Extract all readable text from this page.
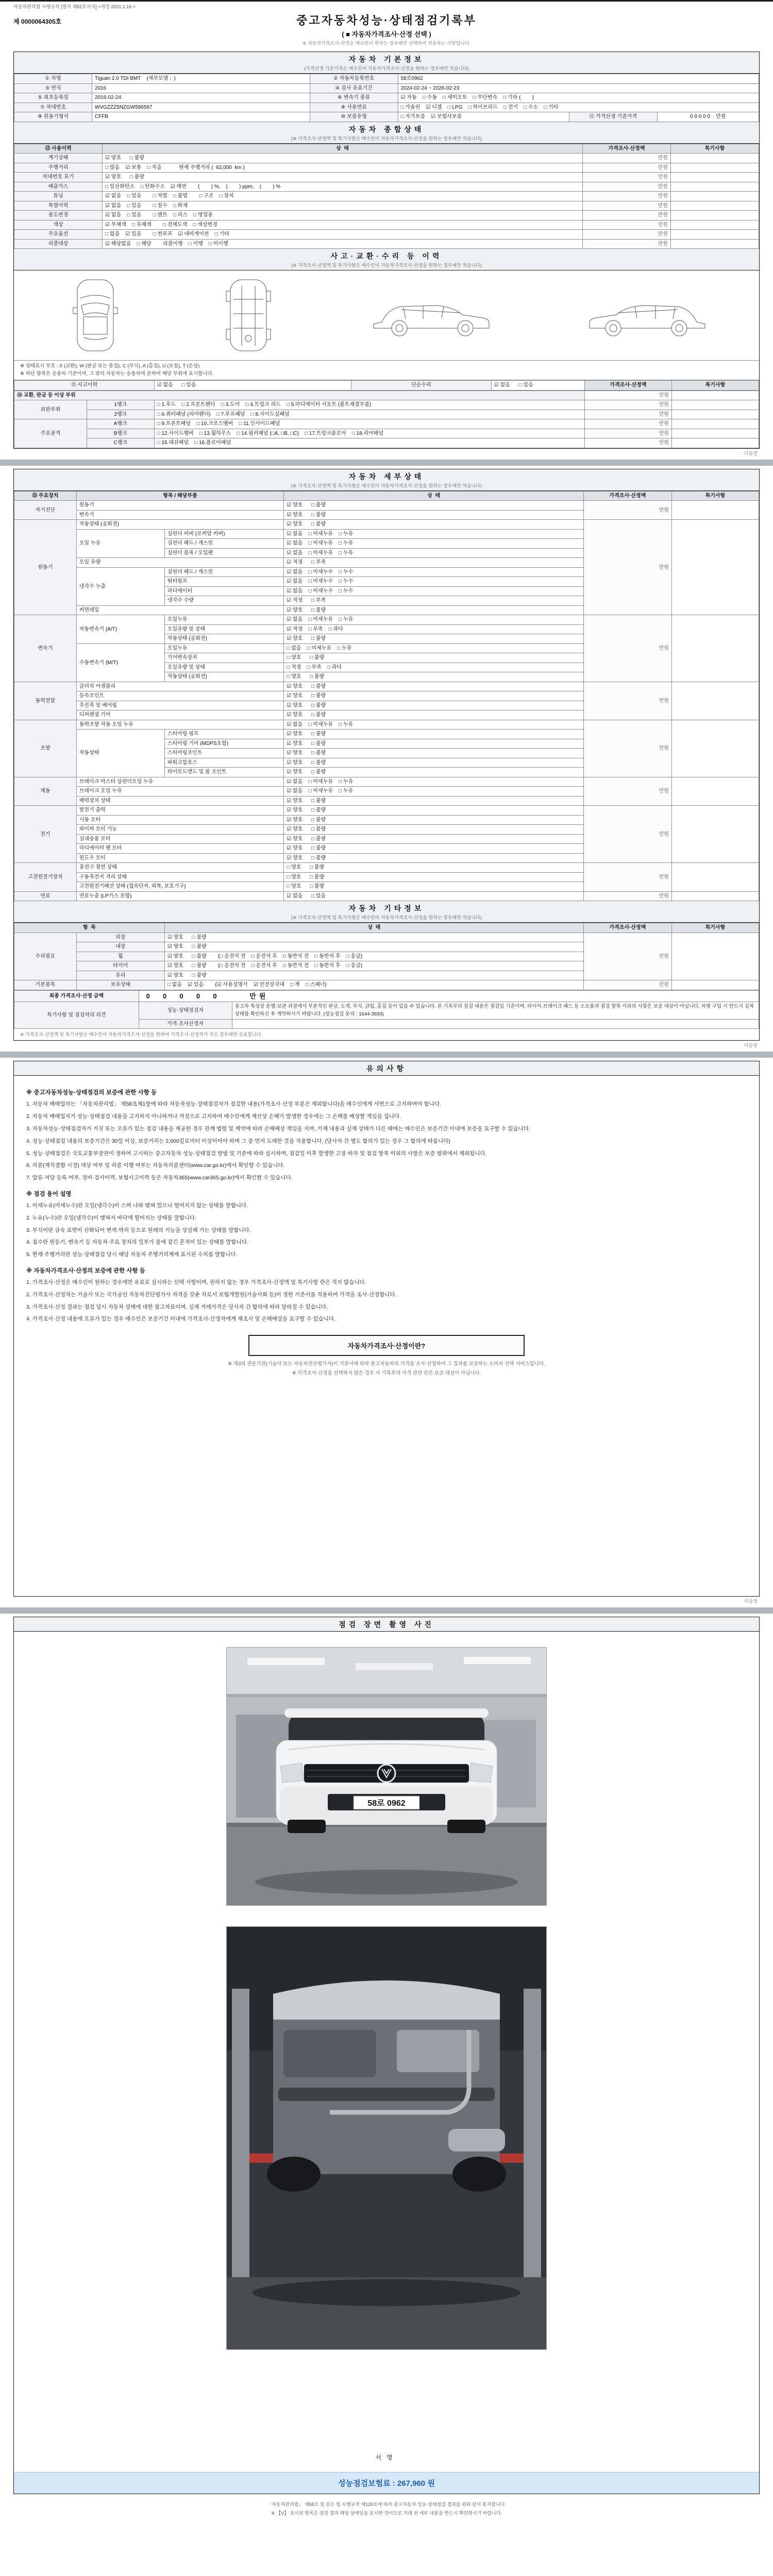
자동차관리법 시행규칙 [별지 제82호서식] <개정 2021.1.16.>
제 0000064305호	중고자동차성능·상태점검기록부
( ■ 자동차가격조사·산정 선택 )
※ 자동차가격조사·산정은 매수인이 원하는 경우에만 선택하여 적용하는 사항입니다.
자동차 기본정보
(가격산정 기준가격은 매수인이 자동차가격조사·산정을 원하는 경우에만 적습니다)
① 차명	Tiguan 2.0 TDI BMT    (세부모델 :  )	② 자동차등록번호	58로0962		
③ 연식	2016	④ 검사 유효기간	2024-02-24 ~ 2026-02-23		
⑤ 최초등록일	2016-02-24	⑥ 변속기 종류	☑ 자동    □ 수동    □ 세미오토    □ 무단변속    □ 기타 (        )		
⑦ 차대번호	WVGZZZ5NZGW586587	⑧ 사용연료	□ 가솔린    ☑ 디젤    □ LPG    □ 하이브리드    □ 전기    □ 수소    □ 기타		
⑨ 원동기형식	CFFB	⑩ 보증유형	□ 자가보증    ☑ 보험사보증	⑪ 가격산정 기준가격	0 0 0 0 0    만원
자동차 종합상태
(※ 가격조사·산정액 및 특기사항은 매수인이 자동차가격조사·산정을 원하는 경우에만 적습니다)
⑫ 사용이력	상  태	가격조사·산정액	특기사항
계기상태	☑ 양호      □ 불량	만원	
주행거리	□ 많음    ☑ 보통    □ 적음            현재 주행거리 (  62,000  km )	만원	
차대번호 표기	☑ 양호      □ 불량	만원	
배출가스	□ 일산화탄소    □ 탄화수소    ☑ 매연        (        ) %,    (        ) ppm,    (        ) %	만원	
튜닝	☑ 없음    □ 있음        □ 적법    □ 불법        □ 구조    □ 장치	만원	
특별이력	☑ 없음    □ 있음        □ 침수    □ 화재	만원	
용도변경	☑ 없음    □ 있음        □ 렌트    □ 리스    □ 영업용	만원	
색상	☑ 무채색    □ 유채색        □ 전체도색    □ 색상변경	만원	
주요옵션	□ 없음    ☑ 있음        □ 썬루프    ☑ 네비게이션    □ 기타	만원	
리콜대상	☑ 해당없음    □ 해당        리콜이행    □ 이행    □ 미이행	만원	
사고·교환·수리 등 이력
(※ 가격조사·산정액 및 특기사항은 매수인이 자동차가격조사·산정을 원하는 경우에만 적습니다)
※ 상태표시 부호 : X (교환), W (판금 또는 용접), C (부식), A (흠집), U (요철), T (손상)
※ 하단 항목은 승용차 기준이며, 그 밖의 자동차는 승용차에 준하여 해당 부위에 표시합니다.
⑬ 사고이력	☑ 없음      □ 있음	단순수리	☑ 없음      □ 있음	가격조사·산정액	특기사항
⑭ 교환, 판금 등 이상 부위			만원	
외판부위	1랭크	□ 1.후드    □ 2.프론트펜더    □ 3.도어    □ 4.트렁크 리드    □ 5.라디에이터 서포트 (볼트체결부품)	만원	
	2랭크	□ 6.쿼터패널 (리어펜더)    □ 7.루프패널    □ 8.사이드실패널	만원	
주요골격	A랭크	□ 9.프론트패널    □ 10.크로스멤버    □ 11.인사이드패널	만원	
	B랭크	□ 12.사이드멤버    □ 13.휠하우스    □ 14.필러패널 (□A, □B, □C)    □ 17.트렁크플로어    □ 18.리어패널	만원	
	C랭크	□ 15.대쉬패널    □ 16.플로어패널	만원	
다음장
자동차 세부상태
(※ 가격조사·산정액 및 특기사항은 매수인이 자동차가격조사·산정을 원하는 경우에만 적습니다)
⑮ 주요장치	항목 / 해당부품		상  태	가격조사·산정액	특기사항
자기진단	원동기		☑ 양호      □ 불량	만원	
	변속기		☑ 양호      □ 불량		
원동기	작동상태 (공회전)		☑ 양호      □ 불량	만원	
	오일 누유	실린더 커버 (로커암 커버)	☑ 없음    □ 미세누유    □ 누유		
		실린더 헤드 / 개스킷	☑ 없음    □ 미세누유    □ 누유		
		실린더 블록 / 오일팬	☑ 없음    □ 미세누유    □ 누유		
	오일 유량		☑ 적정      □ 부족		
	냉각수 누출	실린더 헤드 / 개스킷	☑ 없음    □ 미세누수    □ 누수		
		워터펌프	☑ 없음    □ 미세누수    □ 누수		
		라디에이터	☑ 없음    □ 미세누수    □ 누수		
		냉각수 수량	☑ 적정      □ 부족		
	커먼레일		☑ 양호      □ 불량		
변속기	자동변속기 (A/T)	오일누유	☑ 없음    □ 미세누유    □ 누유	만원	
		오일유량 및 상태	☑ 적정    □ 부족    □ 과다		
		작동상태 (공회전)	☑ 양호      □ 불량		
	수동변속기 (M/T)	오일누유	□ 없음    □ 미세누유    □ 누유		
		기어변속장치	□ 양호      □ 불량		
		오일유량 및 상태	□ 적정    □ 부족    □ 과다		
		작동상태 (공회전)	□ 양호      □ 불량		
동력전달	클러치 어셈블리		☑ 양호      □ 불량	만원	
	등속조인트		☑ 양호      □ 불량		
	추진축 및 베어링		☑ 양호      □ 불량		
	디퍼렌셜 기어		☑ 양호      □ 불량		
조향	동력조향 작동 오일 누유		☑ 없음    □ 미세누유    □ 누유	만원	
	작동상태	스티어링 펌프	☑ 양호      □ 불량		
		스티어링 기어 (MDPS포함)	☑ 양호      □ 불량		
		스티어링조인트	☑ 양호      □ 불량		
		파워고압호스	☑ 양호      □ 불량		
		타이로드엔드 및 볼 조인트	☑ 양호      □ 불량		
제동	브레이크 마스터 실린더오일 누유		☑ 없음    □ 미세누유    □ 누유	만원	
	브레이크 오일 누유		☑ 없음    □ 미세누유    □ 누유		
	배력장치 상태		☑ 양호      □ 불량		
전기	발전기 출력		☑ 양호      □ 불량	만원	
	시동 모터		☑ 양호      □ 불량		
	와이퍼 모터 기능		☑ 양호      □ 불량		
	실내송풍 모터		☑ 양호      □ 불량		
	라디에이터 팬 모터		☑ 양호      □ 불량		
	윈도우 모터		☑ 양호      □ 불량		
고전원전기장치	충전구 절연 상태		□ 양호      □ 불량	만원	
	구동축전지 격리 상태		□ 양호      □ 불량		
	고전원전기배선 상태 (접속단자, 피복, 보호기구)		□ 양호      □ 불량		
연료	연료누출 (LP가스 포함)		☑ 없음      □ 있음	만원	
자동차 기타정보
(※ 가격조사·산정액 및 특기사항은 매수인이 자동차가격조사·산정을 원하는 경우에만 적습니다)
항  목		상  태	가격조사·산정액	특기사항
수리필요	외장	☑ 양호      □ 불량	만원	
	내장	☑ 양호      □ 불량		
	휠	☑ 양호      □ 불량        (□ 운전석 전    □ 운전석 후    □ 동반석 전    □ 동반석 후    □ 응급)		
	타이어	☑ 양호      □ 불량        (□ 운전석 전    □ 운전석 후    □ 동반석 전    □ 동반석 후    □ 응급)		
	유리	☑ 양호      □ 불량		
기본품목	보유상태	□ 없음    ☑ 있음        (☑ 사용설명서    ☑ 안전삼각대    □ 잭    □ 스패너)	만원	
최종 가격조사·산정 금액	0  0  0  0  0      만원	
특기사항 및 점검자의 의견	성능·상태점검자	중고차 특성상 운행·보관 과정에서 부분적인 판금, 도색, 부식, 긁힘, 흠집 등이 있을 수 있습니다. 본 기록부의 점검 내용은 점검일 기준이며, 타이어·브레이크 패드 등 소모품과 점검 항목 이외의 사항은 보증 대상이 아닙니다. 차량 구입 시 반드시 실차 상태를 확인하신 후 계약하시기 바랍니다. (성능점검 문의 : 1644-3693)
	가격·조사산정자	
※ 가격조사·산정액 및 특기사항은 매수인이 자동차가격조사·산정을 원하여 가격조사·산정자가 적은 경우에만 유효합니다.
다음장
유의사항
※ 중고자동차성능·상태점검의 보증에 관한 사항 등
1. 자동차 매매업자는 「자동차관리법」 제58조제1항에 따라 자동차성능·상태점검자가 점검한 내용(가격조사·산정 부분은 제외합니다)을 매수인에게 서면으로 고지하여야 합니다.
2. 자동차 매매업자가 성능·상태점검 내용을 고지하지 아니하거나 거짓으로 고지하여 매수인에게 재산상 손해가 발생한 경우에는 그 손해를 배상할 책임을 집니다.
3. 자동차성능·상태점검자가 거짓 또는 오류가 있는 점검 내용을 제공한 경우 관계 법령 및 계약에 따라 손해배상 책임을 지며, 기재 내용과 실제 상태가 다른 때에는 매수인은 보증기간 이내에 보증을 요구할 수 있습니다.
4. 성능·상태점검 내용의 보증기간은 30일 이상, 보증거리는 2,000킬로미터 이상이어야 하며 그 중 먼저 도래한 것을 적용합니다. (당사자 간 별도 합의가 있는 경우 그 합의에 따릅니다)
5. 성능·상태점검은 국토교통부장관이 정하여 고시하는 중고자동차 성능·상태점검 방법 및 기준에 따라 실시하며, 점검일 이후 발생한 고장·하자 및 점검 항목 이외의 사항은 보증 범위에서 제외됩니다.
6. 리콜(제작결함 시정) 대상 여부 및 리콜 이행 여부는 자동차리콜센터(www.car.go.kr)에서 확인할 수 있습니다.
7. 압류·저당 등록 여부, 정비·검사이력, 보험사고이력 등은 자동차365(www.car365.go.kr)에서 확인할 수 있습니다.
※ 점검 용어 설명
1. 미세누유(미세누수)란 오일(냉각수)이 스며 나와 맺혀 있으나 떨어지지 않는 상태를 말합니다.
2. 누유(누수)란 오일(냉각수)이 맺혀서 바닥에 떨어지는 상태를 말합니다.
3. 부식이란 금속 표면이 산화되어 변색·박리 등으로 원래의 기능을 상실해 가는 상태를 말합니다.
4. 침수란 원동기, 변속기 등 자동차 주요 장치의 일부가 물에 잠긴 흔적이 있는 상태를 말합니다.
5. 현재 주행거리란 성능·상태점검 당시 해당 자동차 주행거리계에 표시된 수치를 말합니다.
※ 자동차가격조사·산정의 보증에 관한 사항 등
1. 가격조사·산정은 매수인이 원하는 경우에만 유료로 실시하는 선택 사항이며, 원하지 않는 경우 가격조사·산정액 및 특기사항 란은 적지 않습니다.
2. 가격조사·산정자는 기술사 또는 국가공인 자동차진단평가사 자격을 갖춘 자로서 보험개발원(기술사회 등)이 정한 기준서를 적용하여 가격을 조사·산정합니다.
3. 가격조사·산정 결과는 점검 당시 자동차 상태에 대한 참고자료이며, 실제 거래가격은 당사자 간 합의에 따라 달라질 수 있습니다.
4. 가격조사·산정 내용에 오류가 있는 경우 매수인은 보증기간 이내에 가격조사·산정자에게 재조사 및 손해배상을 요구할 수 있습니다.
자동차가격조사·산정이란?
※ 제3의 전문기관(기술사 또는 자동차진단평가사)이 기준서에 따라 중고자동차의 가격을 조사·산정하여 그 결과를 보증하는 소비자 선택 서비스입니다.
※ 가격조사·산정을 선택하지 않은 경우 이 기록부의 가격 관련 란은 보증 대상이 아닙니다.
다음장
점검 장면 촬영 사진
58로 0962
서명
성능점검보험료 : 267,960 원
「자동차관리법」 제58조 및 같은 법 시행규칙 제120조에 따라 중고자동차 성능·상태점검 결과를 위와 같이 통지합니다.
※ 【V】 표시된 항목은 점검 결과 해당 상태임을 표시한 것이므로 거래 전 세부 내용을 반드시 확인하시기 바랍니다.
